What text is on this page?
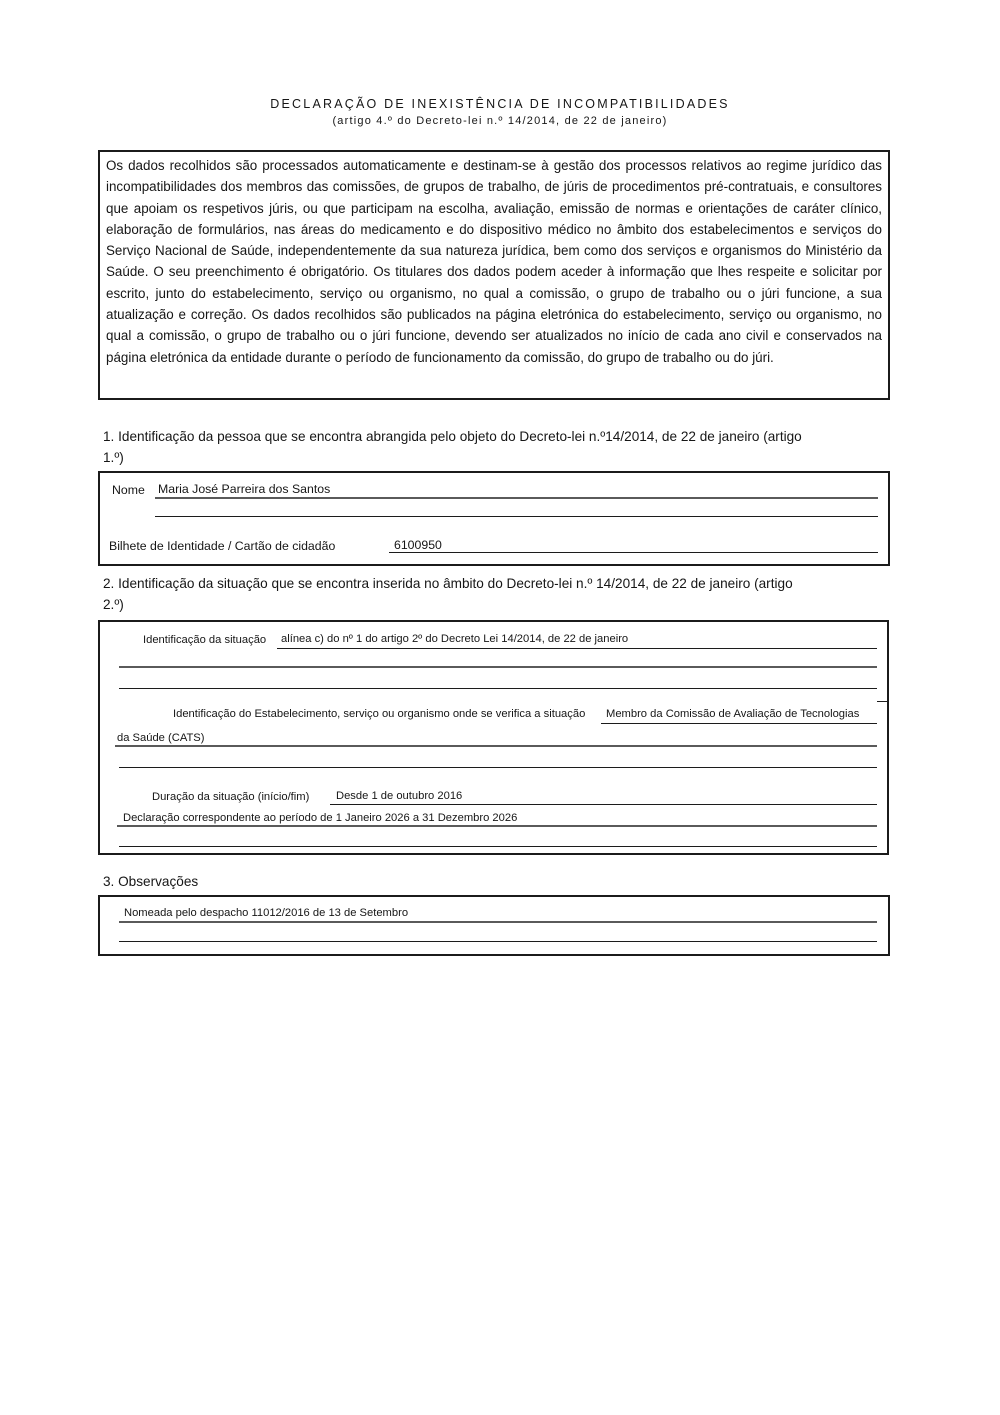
DECLARAÇÃO DE INEXISTÊNCIA DE INCOMPATIBILIDADES
(artigo 4.º do Decreto-lei n.º 14/2014, de 22 de janeiro)
Os dados recolhidos são processados automaticamente e destinam-se à gestão dos processos relativos ao regime jurídico das incompatibilidades dos membros das comissões, de grupos de trabalho, de júris de procedimentos pré-contratuais, e consultores que apoiam os respetivos júris, ou que participam na escolha, avaliação, emissão de normas e orientações de caráter clínico, elaboração de formulários, nas áreas do medicamento e do dispositivo médico no âmbito dos estabelecimentos e serviços do Serviço Nacional de Saúde, independentemente da sua natureza jurídica, bem como dos serviços e organismos do Ministério da Saúde. O seu preenchimento é obrigatório. Os titulares dos dados podem aceder à informação que lhes respeite e solicitar por escrito, junto do estabelecimento, serviço ou organismo, no qual a comissão, o grupo de trabalho ou o júri funcione, a sua atualização e correção. Os dados recolhidos são publicados na página eletrónica do estabelecimento, serviço ou organismo, no qual a comissão, o grupo de trabalho ou o júri funcione, devendo ser atualizados no início de cada ano civil e conservados na página eletrónica da entidade durante o período de funcionamento da comissão, do grupo de trabalho ou do júri.
1. Identificação da pessoa que se encontra abrangida pelo objeto do Decreto-lei n.º14/2014, de 22 de janeiro (artigo
1.º)
Nome Maria José Parreira dos Santos
Bilhete de Identidade / Cartão de cidadão	6100950
2. Identificação da situação que se encontra inserida no âmbito do Decreto-lei n.º 14/2014, de 22 de janeiro (artigo
2.º)
Identificação da situação alínea c) do nº 1 do artigo 2º do Decreto Lei 14/2014, de 22 de janeiro
Identificação do Estabelecimento, serviço ou organismo onde se verifica a situação Membro da Comissão de Avaliação de Tecnologias
da Saúde (CATS)
Duração da situação (início/fim) Desde 1 de outubro 2016
Declaração correspondente ao período de 1 Janeiro 2026 a 31 Dezembro 2026
3. Observações
Nomeada pelo despacho 11012/2016 de 13 de Setembro
